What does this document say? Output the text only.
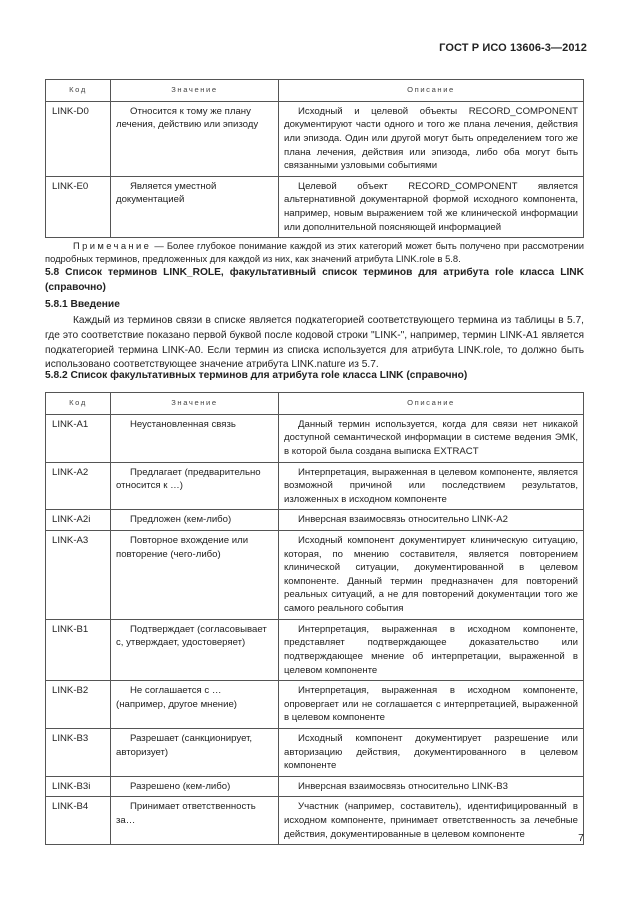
ГОСТ Р ИСО 13606-3—2012
Код	Значение	Описание
LINK-D0	Относится к тому же плану лечения, действию или эпизоду	Исходный и целевой объекты RECORD_COMPONENT документируют части одного и того же плана лечения, действия или эпизода. Один или другой могут быть определением того же плана лечения, действия или эпизода, либо оба могут быть связанными узловыми событиями
LINK-E0	Является уместной документацией	Целевой объект RECORD_COMPONENT является альтернативной документарной формой исходного компонента, например, новым выражением той же клинической информации или дополнительной поясняющей информацией
Примечание — Более глубокое понимание каждой из этих категорий может быть получено при рассмотрении подробных терминов, предложенных для каждой из них, как значений атрибута LINK.role в 5.8.
5.8 Список терминов LINK_ROLE, факультативный список терминов для атрибута role класса LINK (справочно)
5.8.1 Введение
Каждый из терминов связи в списке является подкатегорией соответствующего термина из таблицы в 5.7, где это соответствие показано первой буквой после кодовой строки "LINK-", например, термин LINK-A1 является подкатегорией термина LINK-A0. Если термин из списка используется для атрибута LINK.role, то должно быть использовано соответствующее значение атрибута LINK.nature из 5.7.
5.8.2 Список факультативных терминов для атрибута role класса LINK (справочно)
Код	Значение	Описание
LINK-A1	Неустановленная связь	Данный термин используется, когда для связи нет никакой доступной семантической информации в системе ведения ЭМК, в которой была создана выписка EXTRACT
LINK-A2	Предлагает (предварительно относится к …)	Интерпретация, выраженная в целевом компоненте, является возможной причиной или последствием результатов, изложенных в исходном компоненте
LINK-A2i	Предложен (кем-либо)	Инверсная взаимосвязь относительно LINK-A2
LINK-A3	Повторное вхождение или повторение (чего-либо)	Исходный компонент документирует клиническую ситуацию, которая, по мнению составителя, является повторением клинической ситуации, документированной в целевом компоненте. Данный термин предназначен для повторений реальных ситуаций, а не для повторений документации того же самого реального события
LINK-B1	Подтверждает (согласовывает с, утверждает, удостоверяет)	Интерпретация, выраженная в исходном компоненте, представляет подтверждающее доказательство или подтверждающее мнение об интерпретации, выраженной в целевом компоненте
LINK-B2	Не соглашается с … (например, другое мнение)	Интерпретация, выраженная в исходном компоненте, опровергает или не соглашается с интерпретацией, выраженной в целевом компоненте
LINK-B3	Разрешает (санкционирует, авторизует)	Исходный компонент документирует разрешение или авторизацию действия, документированного в целевом компоненте
LINK-B3i	Разрешено (кем-либо)	Инверсная взаимосвязь относительно LINK-B3
LINK-B4	Принимает ответственность за…	Участник (например, составитель), идентифицированный в исходном компоненте, принимает ответственность за лечебные действия, документированные в целевом компоненте	7
